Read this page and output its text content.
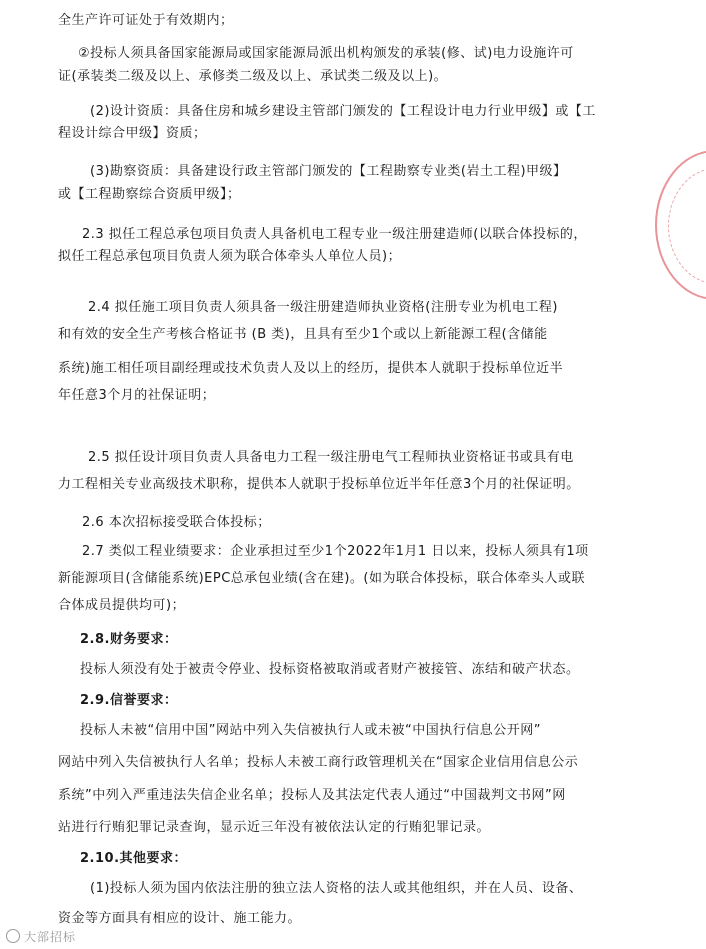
全生产许可证处于有效期内；
②投标人须具备国家能源局或国家能源局派出机构颁发的承装(修、试)电力设施许可
证(承装类二级及以上、承修类二级及以上、承试类二级及以上)。
(2)设计资质：具备住房和城乡建设主管部门颁发的【工程设计电力行业甲级】或【工
程设计综合甲级】资质；
(3)勘察资质：具备建设行政主管部门颁发的【工程勘察专业类(岩土工程)甲级】
或【工程勘察综合资质甲级】；
2.3 拟任工程总承包项目负责人具备机电工程专业一级注册建造师(以联合体投标的，
拟任工程总承包项目负责人须为联合体牵头人单位人员)；
2.4 拟任施工项目负责人须具备一级注册建造师执业资格(注册专业为机电工程)
和有效的安全生产考核合格证书 (B 类)，且具有至少1个或以上新能源工程(含储能
系统)施工相任项目副经理或技术负责人及以上的经历，提供本人就职于投标单位近半
年任意3个月的社保证明；
2.5 拟任设计项目负责人具备电力工程一级注册电气工程师执业资格证书或具有电
力工程相关专业高级技术职称，提供本人就职于投标单位近半年任意3个月的社保证明。
2.6 本次招标接受联合体投标；
2.7 类似工程业绩要求：企业承担过至少1个2022年1月1 日以来，投标人须具有1项
新能源项目(含储能系统)EPC总承包业绩(含在建)。(如为联合体投标，联合体牵头人或联
合体成员提供均可)；
2.8.财务要求：
投标人须没有处于被责令停业、投标资格被取消或者财产被接管、冻结和破产状态。
2.9.信誉要求：
投标人未被“信用中国”网站中列入失信被执行人或未被“中国执行信息公开网”
网站中列入失信被执行人名单；投标人未被工商行政管理机关在“国家企业信用信息公示
系统”中列入严重违法失信企业名单；投标人及其法定代表人通过“中国裁判文书网”网
站进行行贿犯罪记录查询，显示近三年没有被依法认定的行贿犯罪记录。
2.10.其他要求：
(1)投标人须为国内依法注册的独立法人资格的法人或其他组织，并在人员、设备、
资金等方面具有相应的设计、施工能力。
大部招标
